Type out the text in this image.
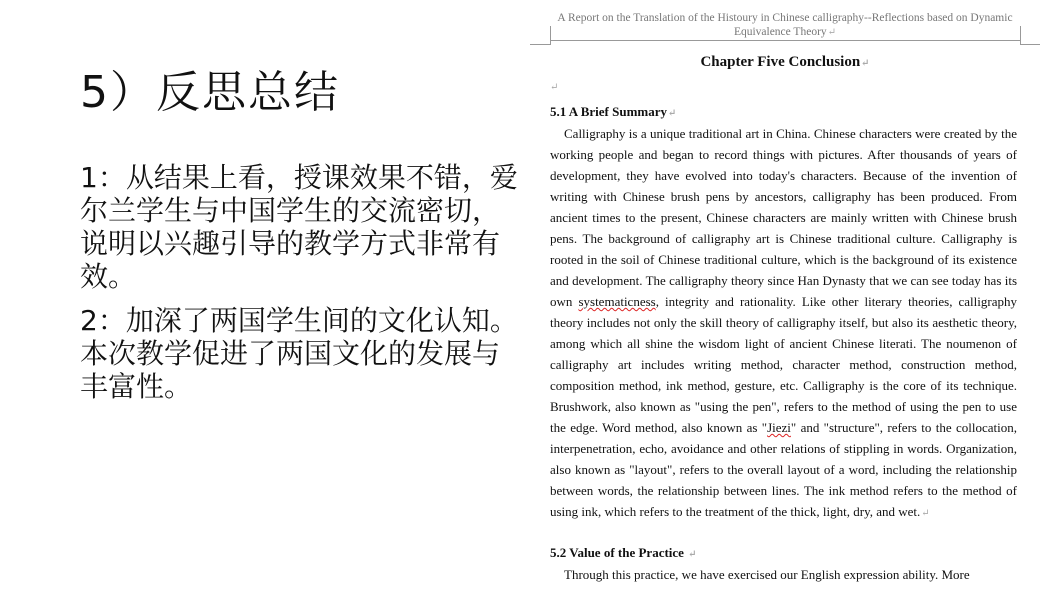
5）反思总结
1：从结果上看，授课效果不错，爱尔兰学生与中国学生的交流密切，说明以兴趣引导的教学方式非常有效。
2：加深了两国学生间的文化认知。本次教学促进了两国文化的发展与丰富性。
A Report on the Translation of the Histoury in Chinese calligraphy--Reflections based on Dynamic Equivalence Theory↵
Chapter Five Conclusion↵
↵
5.1 A Brief Summary↵
Calligraphy is a unique traditional art in China. Chinese characters were created by the working people and began to record things with pictures. After thousands of years of development, they have evolved into today's characters. Because of the invention of writing with Chinese brush pens by ancestors, calligraphy has been produced. From ancient times to the present, Chinese characters are mainly written with Chinese brush pens. The background of calligraphy art is Chinese traditional culture. Calligraphy is rooted in the soil of Chinese traditional culture, which is the background of its existence and development. The calligraphy theory since Han Dynasty that we can see today has its own systematicness, integrity and rationality. Like other literary theories, calligraphy theory includes not only the skill theory of calligraphy itself, but also its aesthetic theory, among which all shine the wisdom light of ancient Chinese literati. The noumenon of calligraphy art includes writing method, character method, construction method, composition method, ink method, gesture, etc. Calligraphy is the core of its technique. Brushwork, also known as "using the pen", refers to the method of using the pen to use the edge. Word method, also known as "Jiezi" and "structure", refers to the collocation, interpenetration, echo, avoidance and other relations of stippling in words. Organization, also known as "layout", refers to the overall layout of a word, including the relationship between words, the relationship between lines. The ink method refers to the method of using ink, which refers to the treatment of the thick, light, dry, and wet.↵
5.2 Value of the Practice ↵
Through this practice, we have exercised our English expression ability. More
